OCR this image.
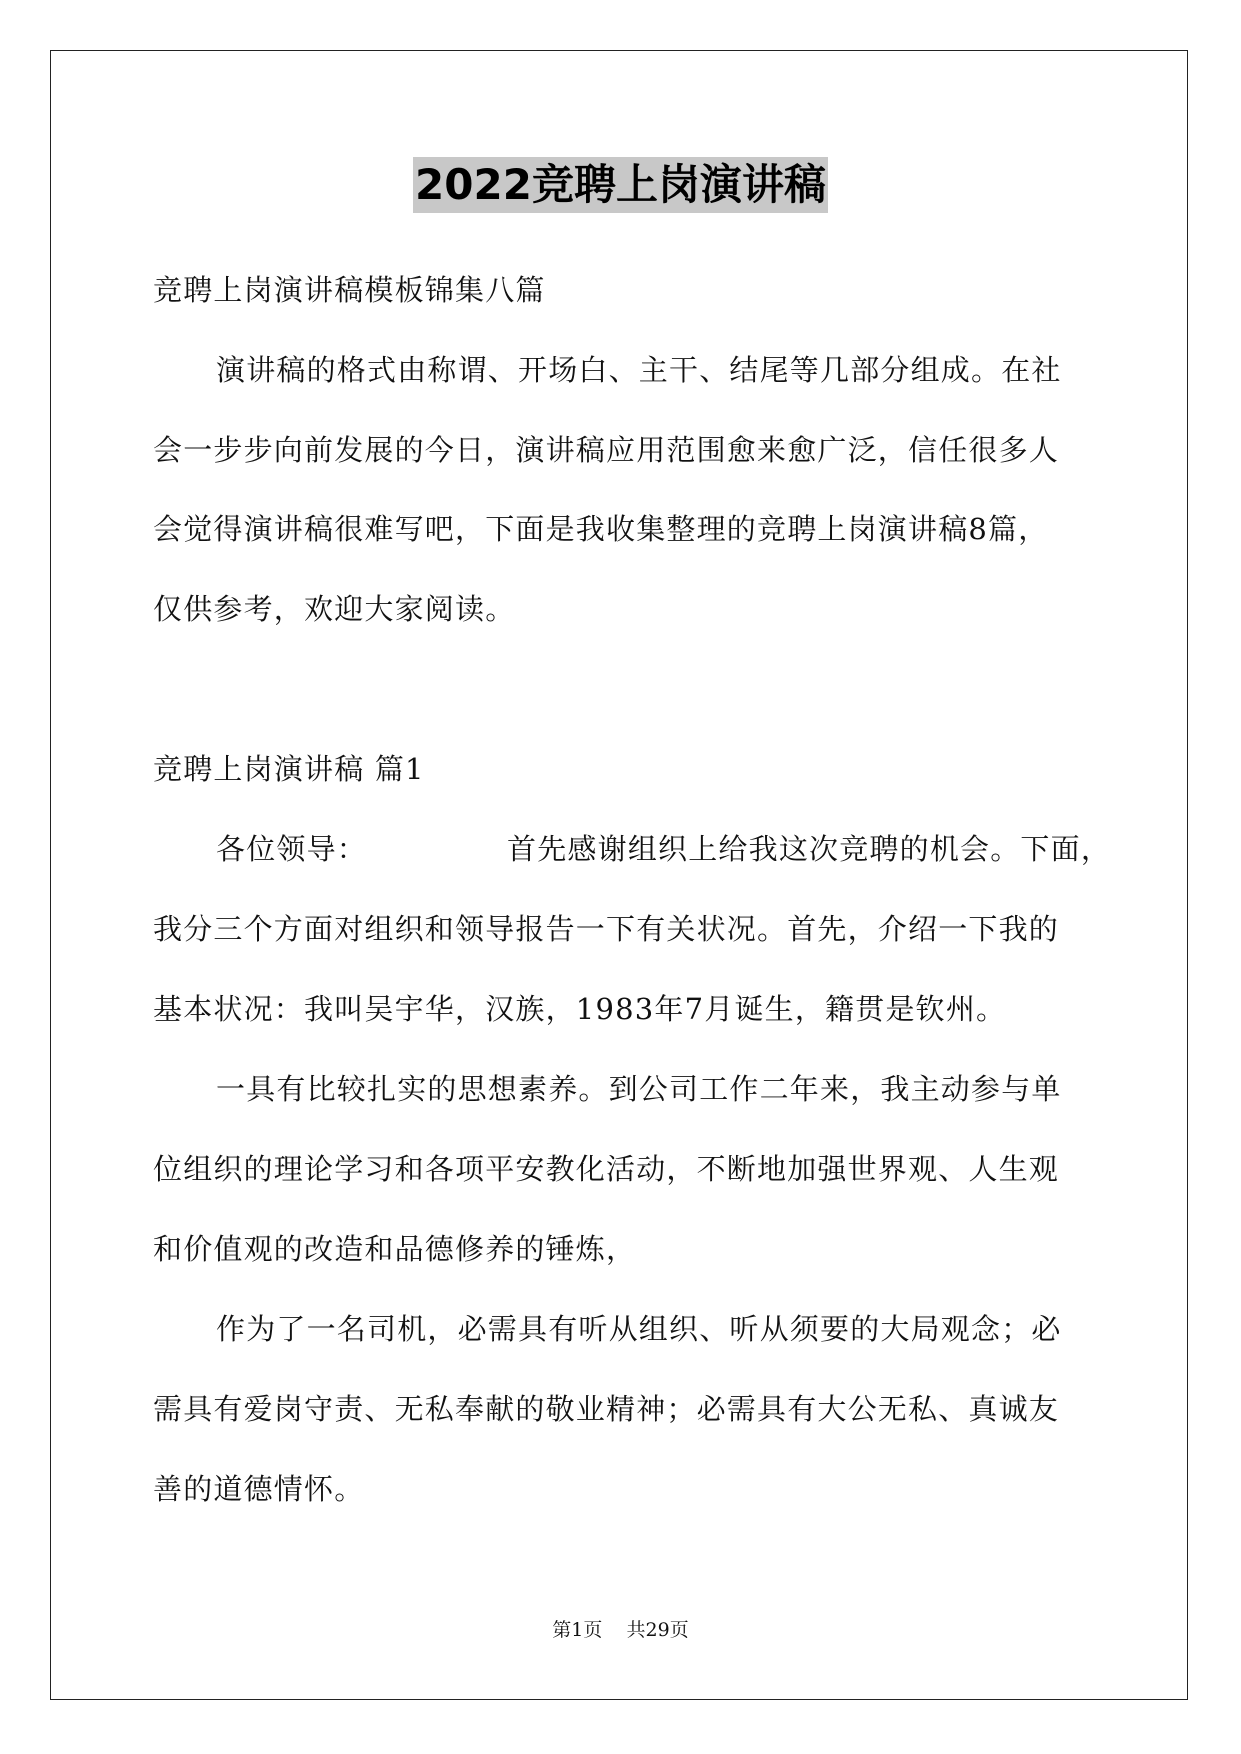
2022竞聘上岗演讲稿
竞聘上岗演讲稿模板锦集八篇
演讲稿的格式由称谓、开场白、主干、结尾等几部分组成。在社
会一步步向前发展的今日，演讲稿应用范围愈来愈广泛，信任很多人
会觉得演讲稿很难写吧，下面是我收集整理的竞聘上岗演讲稿8篇，
仅供参考，欢迎大家阅读。
竞聘上岗演讲稿 篇1
各位领导：	首先感谢组织上给我这次竞聘的机会。下面，
我分三个方面对组织和领导报告一下有关状况。首先，介绍一下我的
基本状况：我叫吴宇华，汉族，1983年7月诞生，籍贯是钦州。
一具有比较扎实的思想素养。到公司工作二年来，我主动参与单
位组织的理论学习和各项平安教化活动，不断地加强世界观、人生观
和价值观的改造和品德修养的锤炼，
作为了一名司机，必需具有听从组织、听从须要的大局观念；必
需具有爱岗守责、无私奉献的敬业精神；必需具有大公无私、真诚友
善的道德情怀。
第1页 共29页
